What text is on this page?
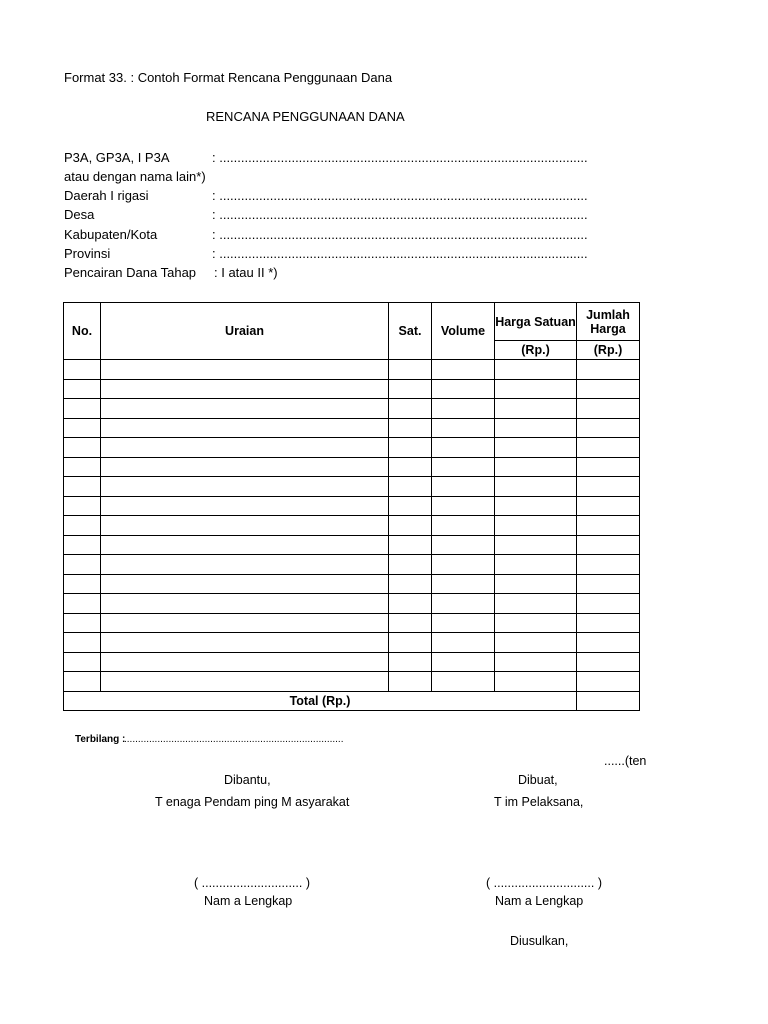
Format 33. : Contoh Format Rencana Penggunaan Dana
RENCANA PENGGUNAAN DANA
P3A, GP3A, I P3A	: ......................................................................................................
atau dengan nama lain*)
Daerah I rigasi	: ......................................................................................................
Desa	: ......................................................................................................
Kabupaten/Kota	: ......................................................................................................
Provinsi	: ......................................................................................................
Pencairan Dana Tahap : I atau II *)
No.	Uraian	Sat.	Volume	Harga Satuan	Jumlah Harga
				(Rp.)	(Rp.)

Total (Rp.)					
Terbilang :
...............................................................................
......(ten
Dibantu,
T enaga Pendam ping M asyarakat
Dibuat,
T im Pelaksana,
( ............................. )
Nam a Lengkap
( ............................. )
Nam a Lengkap
Diusulkan,
